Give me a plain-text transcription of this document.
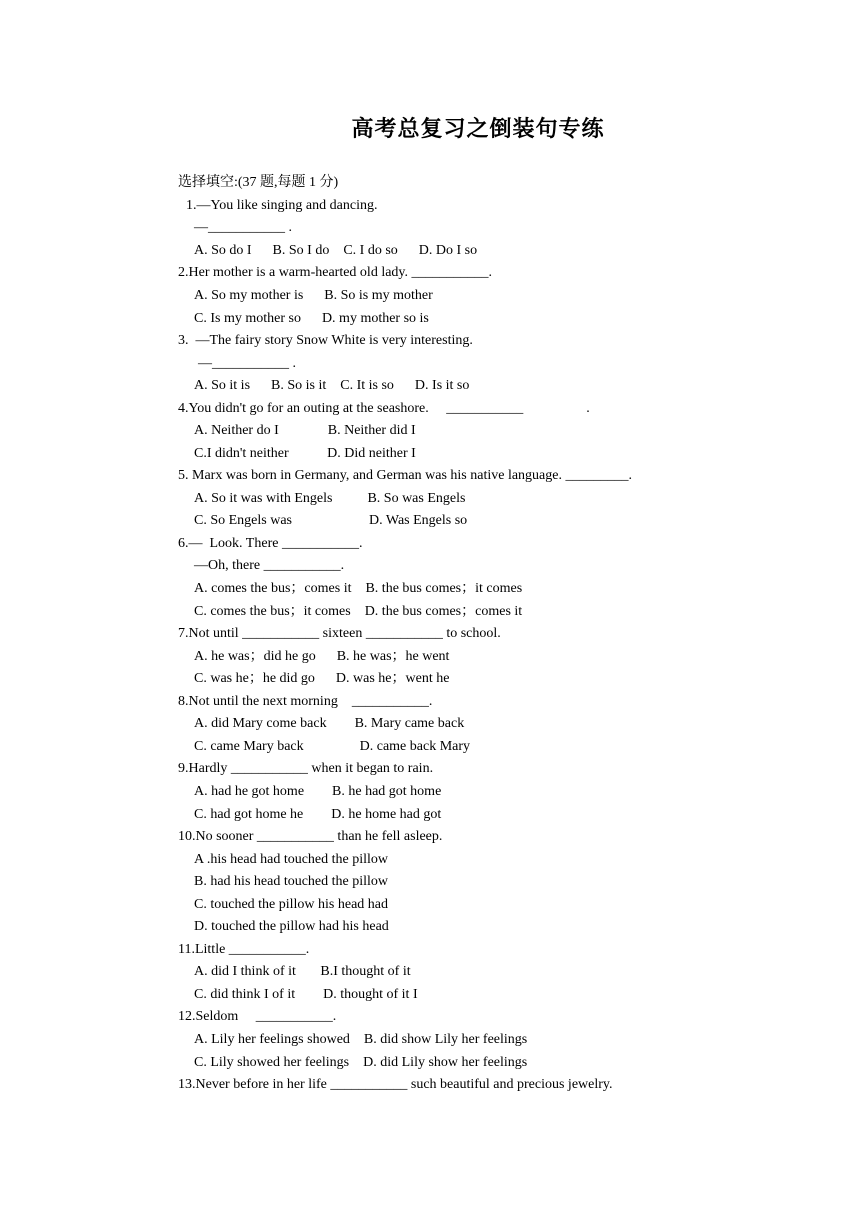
高考总复习之倒装句专练
选择填空:(37 题,每题 1 分)
1.—You like singing and dancing.
—___________ .
A. So do I      B. So I do    C. I do so      D. Do I so
2.Her mother is a warm-hearted old lady. ___________.
A. So my mother is      B. So is my mother
C. Is my mother so      D. my mother so is
3.  —The fairy story Snow White is very interesting.
—___________ .
A. So it is      B. So is it    C. It is so      D. Is it so
4.You didn't go for an outing at the seashore.     ___________                  .
A. Neither do I              B. Neither did I
C.I didn't neither           D. Did neither I
5. Marx was born in Germany, and German was his native language. _________.
A. So it was with Engels          B. So was Engels
C. So Engels was                      D. Was Engels so
6.—  Look. There ___________.
—Oh, there ___________.
A. comes the bus；comes it    B. the bus comes；it comes
C. comes the bus；it comes    D. the bus comes；comes it
7.Not until ___________ sixteen ___________ to school.
A. he was；did he go      B. he was；he went
C. was he；he did go      D. was he；went he
8.Not until the next morning    ___________.
A. did Mary come back        B. Mary came back
C. came Mary back                D. came back Mary
9.Hardly ___________ when it began to rain.
A. had he got home        B. he had got home
C. had got home he        D. he home had got
10.No sooner ___________ than he fell asleep.
A .his head had touched the pillow
B. had his head touched the pillow
C. touched the pillow his head had
D. touched the pillow had his head
11.Little ___________.
A. did I think of it       B.I thought of it
C. did think I of it        D. thought of it I
12.Seldom     ___________.
A. Lily her feelings showed    B. did show Lily her feelings
C. Lily showed her feelings    D. did Lily show her feelings
13.Never before in her life ___________ such beautiful and precious jewelry.
